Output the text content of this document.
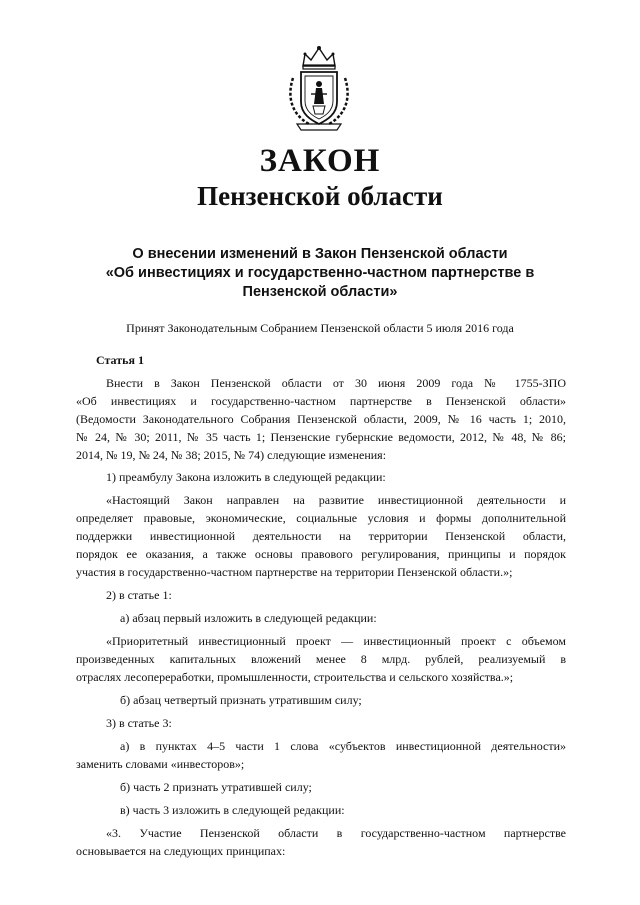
ЗАКОН
Пензенской области
О внесении изменений в Закон Пензенской области
«Об инвестициях и государственно-частном партнерстве в
Пензенской области»
Принят Законодательным Собранием Пензенской области 5 июля 2016 года
Статья 1
Внести в Закон Пензенской области от 30 июня 2009 года № 1755-ЗПО
«Об инвестициях и государственно-частном партнерстве в Пензенской области»
(Ведомости Законодательного Собрания Пензенской области, 2009, № 16 часть 1; 2010,
№ 24, № 30; 2011, № 35 часть 1; Пензенские губернские ведомости, 2012, № 48, № 86;
2014, № 19, № 24, № 38; 2015, № 74) следующие изменения:
1) преамбулу Закона изложить в следующей редакции:
«Настоящий Закон направлен на развитие инвестиционной деятельности и
определяет правовые, экономические, социальные условия и формы дополнительной
поддержки инвестиционной деятельности на территории Пензенской области,
порядок ее оказания, а также основы правового регулирования, принципы и порядок
участия в государственно-частном партнерстве на территории Пензенской области.»;
2) в статье 1:
а) абзац первый изложить в следующей редакции:
«Приоритетный инвестиционный проект — инвестиционный проект с объемом
произведенных капитальных вложений менее 8 млрд. рублей, реализуемый в
отраслях лесопереработки, промышленности, строительства и сельского хозяйства.»;
б) абзац четвертый признать утратившим силу;
3) в статье 3:
а) в пунктах 4–5 части 1 слова «субъектов инвестиционной деятельности»
заменить словами «инвесторов»;
б) часть 2 признать утратившей силу;
в) часть 3 изложить в следующей редакции:
«3. Участие Пензенской области в государственно-частном партнерстве
основывается на следующих принципах:
